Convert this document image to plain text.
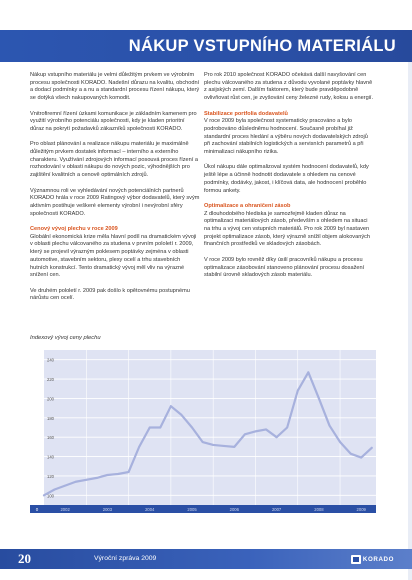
NÁKUP VSTUPNÍHO MATERIÁLU

Nákup vstupního materiálu je velmi důležitým prvkem ve výrobním procesu společnosti KORADO. Nadešní důrazu na kvalitu, obchodní a dodací podmínky a a nu a standardní procesu řízení nákupu, který se dotýká všech nakupovaných komodit.

Vnitrofiremní řízení úzkami komunikace je základním kamenem pro využití výrobního potenciálu společnosti, kdy je kladen prioritní důraz na pokrytí požadavků zákazníků společnosti KORADO.

Pro oblast plánování a realizace nákupu materiálu je maximálně důležitým prvkem dostatek informací – interního a externího charakteru. Využívání zdrojových informací posouvá proces řízení a rozhodování v oblasti nákupu do nových pozic, výhodnějších pro zajištění kvalitních a cenově optimálních zdrojů.

Významnou roli ve vyhledávání nových potenciálních partnerů KORADO hrála v roce 2009 Ratingový výbor dodavatelů, který svým aktivním postihuje veškeré elementy výrobní i nevýrobní sféry společnosti KORADO.

Cenový vývoj plechu v roce 2009

Globální ekonomická krize měla hlavní podíl na dramatickém vývoji v oblasti plechu válcovaného za studena v prvním pololetí r. 2009, který se projevil výrazným poklesem poptávky zejména v oblasti automotive, stavebním sektoru, plexy ocelí a trhu stavebních hutních konstrukcí. Tento dramatický vývoj měl vliv na výrazné snížení cen.

Ve druhém pololetí r. 2009 pak došlo k opětovnému postupnému nárůstu cen ocelí.

Pro rok 2010 společnost KORADO očekává další navyšování cen plechu válcovaného za studena z důvodu vyvolané poptávky hlavně z asijských zemí. Dalším faktorem, který bude pravděpodobně ovlivňovat růst cen, je zvyšování ceny železné rudy, koksu a energií.

Stabilizace portfolia dodavatelů

V roce 2009 byla společnost systematicky pracováno a bylo podrobováno důsledněmu hodnocení. Současně probíhal již standardní proces hledání a výběru nových dodavatelských zdrojů při zachování stabilních logistických a servisních parametrů a při minimalizaci nákupního rizika.

Úkol nákupu dále optimalizoval systém hodnocení dodavatelů, kdy ještě lépe a účinně hodnotit dodavatele s ohledem na cenové podmínky, dodávky, jakost, i klíčová data, ale hodnocení proběhlo formou ankety.

Optimalizace a ohraničení zásob

Z dlouhodobého hlediska je samozřejmě kladen důraz na optimalizaci materiálových zásob, především s ohledem na situaci na trhu a vývoj cen vstupních materiálů. Pro rok 2009 byl nastaven projekt optimalizace zásob, který výrazně snížil objem alokovaných finančních prostředků ve skladových zásobách.

V roce 2009 bylo rovněž díky úsilí pracovníků nákupu a procesu optimalizace zásobování stanoveno plánování procesu dosažení stabilní úrovně skladových zásob materiálu.

Indexový vývoj ceny plechu
100
120
140
160
180
200
220
240
0	2002	2003	2004	2005	2006	2007	2008	2009
20	Výroční zpráva 2009	KORADO
